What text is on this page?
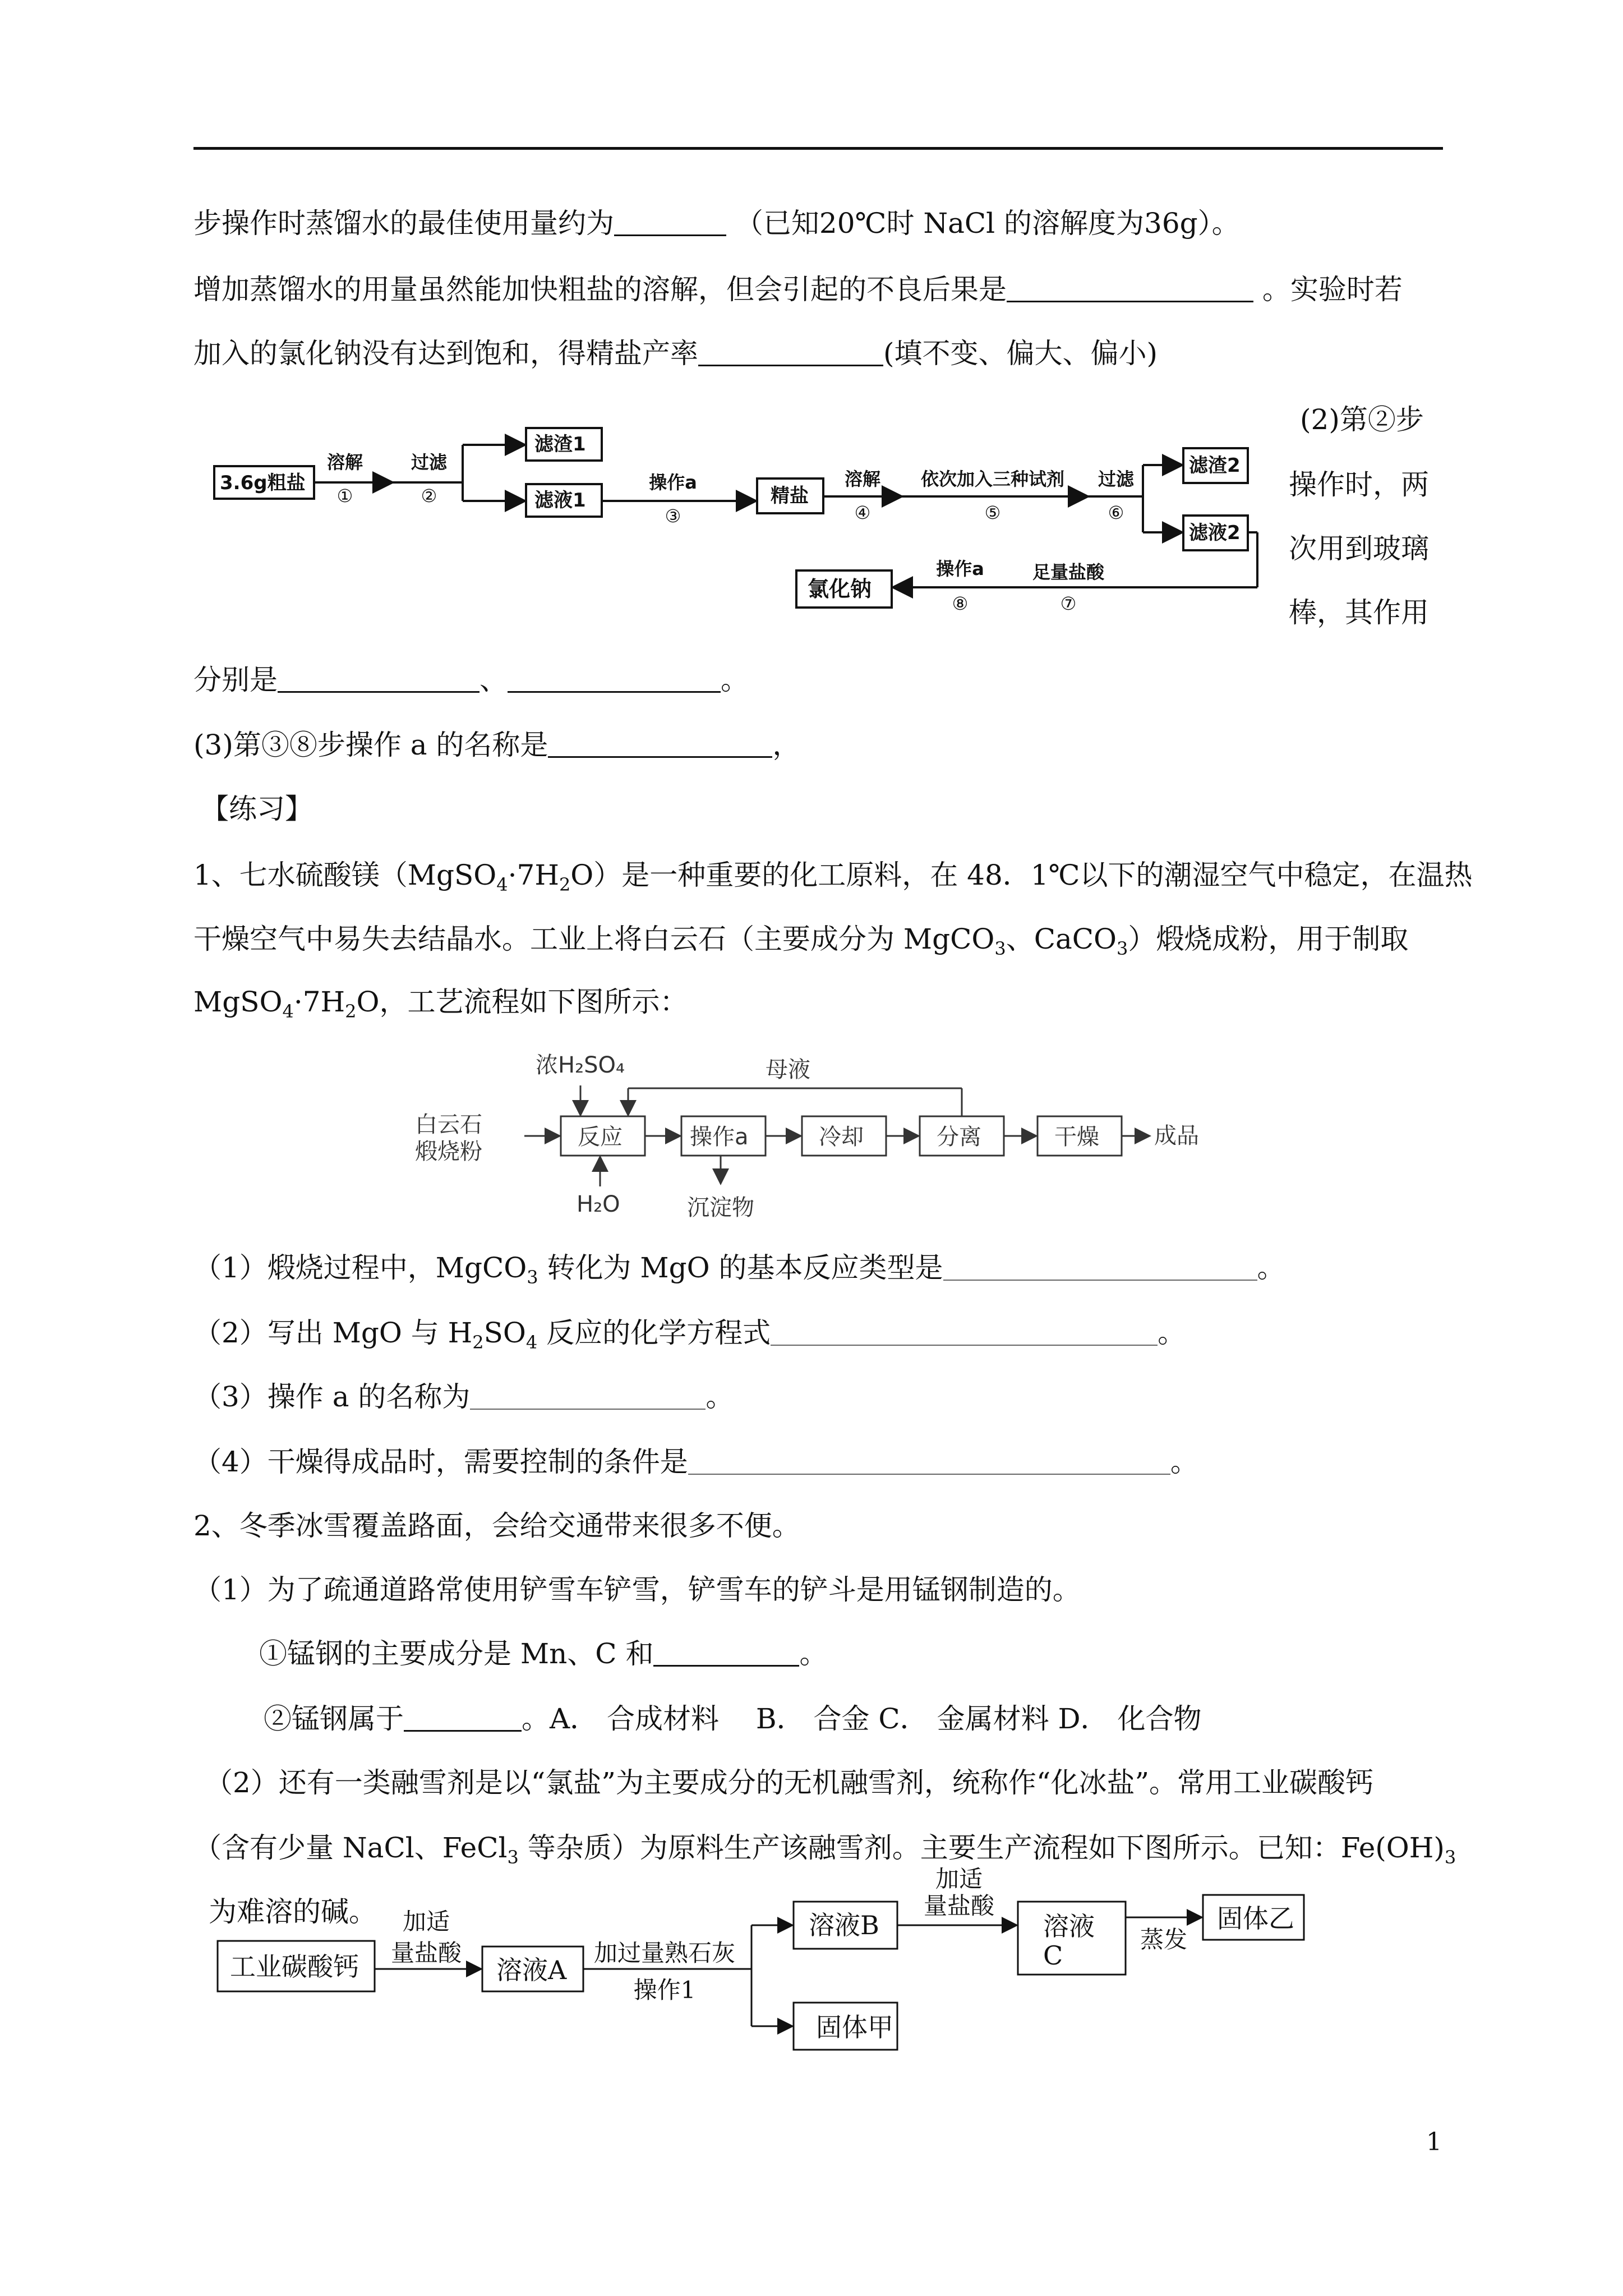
步操作时蒸馏水的最佳使用量约为	（已知20℃时 NaCl 的溶解度为36g）。
增加蒸馏水的用量虽然能加快粗盐的溶解，但会引起的不良后果是	。实验时若
加入的氯化钠没有达到饱和，得精盐产率	(填不变、偏大、偏小)
(2)第②步
操作时，两
次用到玻璃
棒，其作用
3.6g粗盐
滤渣1
滤液1	精盐
滤渣2
滤液2
氯化钠
溶解
①
过滤
②
操作a
③
溶解
④
依次加入三种试剂
⑤
过滤
⑥
足量盐酸
⑦
操作a
⑧
分别是	、	。
(3)第③⑧步操作 a 的名称是	，
【练习】
1、七水硫酸镁$(MgSO_4\cdot 7H_2O)$是一种重要的化工原料，在 48．1℃以下的潮湿空气中稳定，在温热
干燥空气中易失去结晶水。工业上将白云石（主要成分为 MgCO$_3$、CaCO$_3$）煅烧成粉，用于制取
$MgSO_4\cdot 7H_2O$，工艺流程如下图所示：
浓H₂SO₄	母液
白云石
煅烧粉
反应	操作a	冷却	分离	干燥 成品
H₂O	沉淀物
（1）煅烧过程中，MgCO$_3$ 转化为 MgO 的基本反应类型是	。
（2）写出 MgO 与 $H_2SO_4$ 反应的化学方程式	。
（3）操作 a 的名称为	。
（4）干燥得成品时，需要控制的条件是	。
2、冬季冰雪覆盖路面，会给交通带来很多不便。
（1）为了疏通道路常使用铲雪车铲雪，铲雪车的铲斗是用锰钢制造的。
①锰钢的主要成分是 Mn、C 和	。
②锰钢属于	。A． 合成材料　 B． 合金 C． 金属材料 D． 化合物
（2）还有一类融雪剂是以“氯盐”为主要成分的无机融雪剂，统称作“化冰盐”。常用工业碳酸钙
（含有少量 NaCl、FeCl$_3$ 等杂质）为原料生产该融雪剂。主要生产流程如下图所示。已知：$Fe(OH)_3$
为难溶的碱。
工业碳酸钙	溶液A
溶液B
固体甲
溶液
C
固体乙
加适
量盐酸	加过量熟石灰
操作1
加适
量盐酸
蒸发
1
